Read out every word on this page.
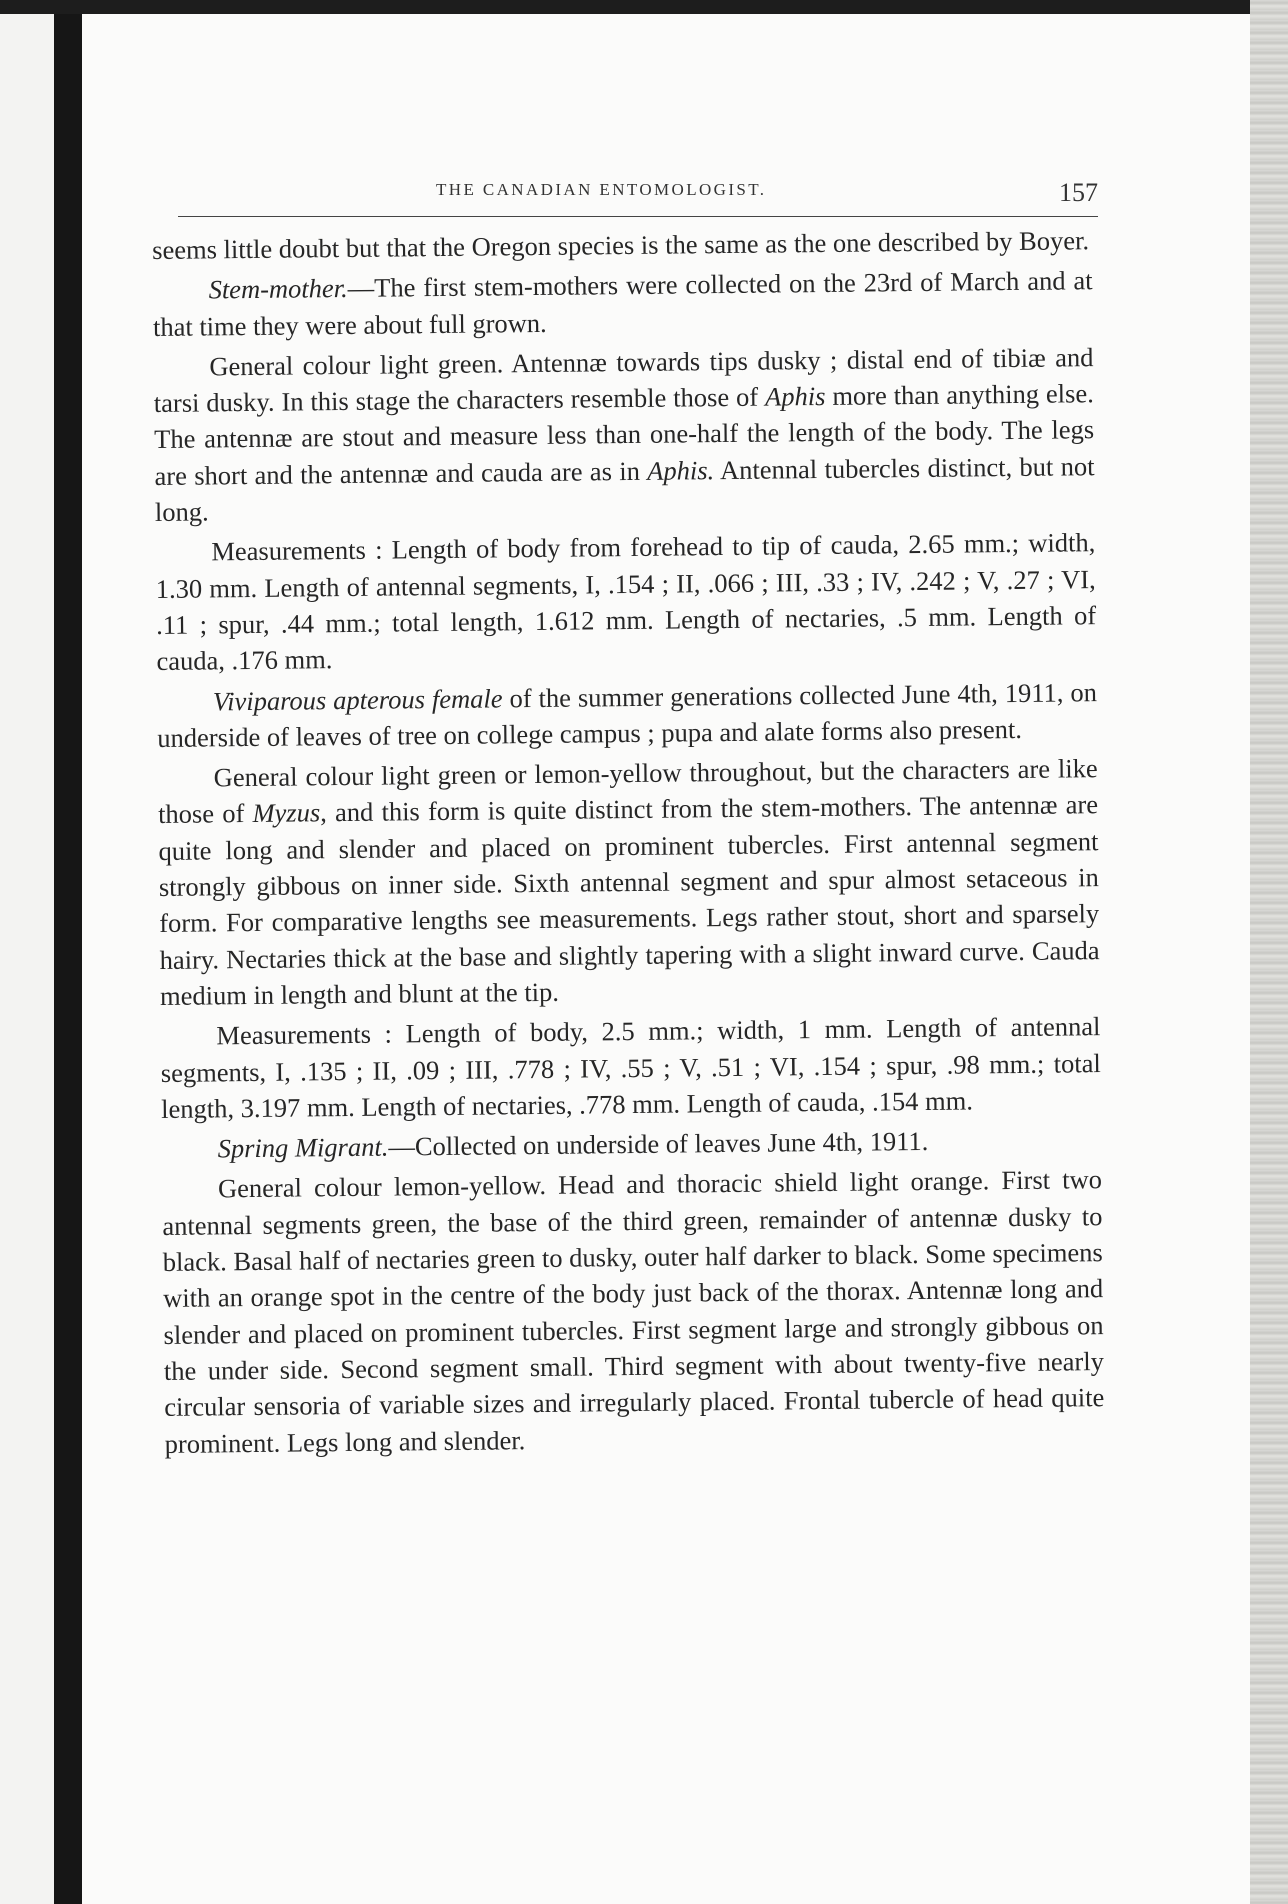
THE CANADIAN ENTOMOLOGIST.	157

seems little doubt but that the Oregon species is the same as the one described by Boyer.

Stem-mother.—The first stem-mothers were collected on the 23rd of March and at that time they were about full grown.

General colour light green. Antennæ towards tips dusky ; distal end of tibiæ and tarsi dusky. In this stage the characters resemble those of Aphis more than anything else. The antennæ are stout and measure less than one-half the length of the body. The legs are short and the antennæ and cauda are as in Aphis. Antennal tubercles distinct, but not long.

Measurements : Length of body from forehead to tip of cauda, 2.65 mm.; width, 1.30 mm. Length of antennal segments, I, .154 ; II, .066 ; III, .33 ; IV, .242 ; V, .27 ; VI, .11 ; spur, .44 mm.; total length, 1.612 mm. Length of nectaries, .5 mm. Length of cauda, .176 mm.

Viviparous apterous female of the summer generations collected June 4th, 1911, on underside of leaves of tree on college campus ; pupa and alate forms also present.

General colour light green or lemon-yellow throughout, but the characters are like those of Myzus, and this form is quite distinct from the stem-mothers. The antennæ are quite long and slender and placed on prominent tubercles. First antennal segment strongly gibbous on inner side. Sixth antennal segment and spur almost setaceous in form. For comparative lengths see measurements. Legs rather stout, short and sparsely hairy. Nectaries thick at the base and slightly tapering with a slight inward curve. Cauda medium in length and blunt at the tip.

Measurements : Length of body, 2.5 mm.; width, 1 mm. Length of antennal segments, I, .135 ; II, .09 ; III, .778 ; IV, .55 ; V, .51 ; VI, .154 ; spur, .98 mm.; total length, 3.197 mm. Length of nectaries, .778 mm. Length of cauda, .154 mm.

Spring Migrant.—Collected on underside of leaves June 4th, 1911.

General colour lemon-yellow. Head and thoracic shield light orange. First two antennal segments green, the base of the third green, remainder of antennæ dusky to black. Basal half of nectaries green to dusky, outer half darker to black. Some specimens with an orange spot in the centre of the body just back of the thorax. Antennæ long and slender and placed on prominent tubercles. First segment large and strongly gibbous on the under side. Second segment small. Third segment with about twenty-five nearly circular sensoria of variable sizes and irregularly placed. Frontal tubercle of head quite prominent. Legs long and slender.
